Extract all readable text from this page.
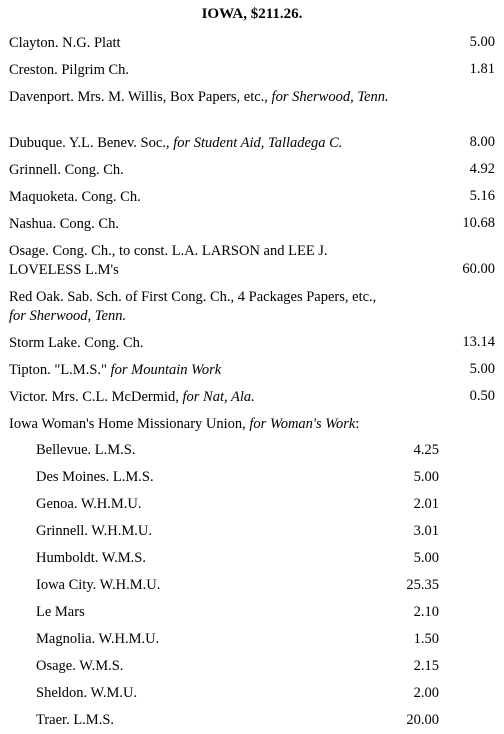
IOWA, $211.26.
Clayton. N.G. Platt	5.00
Creston. Pilgrim Ch.	1.81
Davenport. Mrs. M. Willis, Box Papers, etc., for Sherwood, Tenn.
Dubuque. Y.L. Benev. Soc., for Student Aid, Talladega C.	8.00
Grinnell. Cong. Ch.	4.92
Maquoketa. Cong. Ch.	5.16
Nashua. Cong. Ch.	10.68
Osage. Cong. Ch., to const. L.A. LARSON and LEE J. LOVELESS L.M's	60.00
Red Oak. Sab. Sch. of First Cong. Ch., 4 Packages Papers, etc., for Sherwood, Tenn.
Storm Lake. Cong. Ch.	13.14
Tipton. "L.M.S." for Mountain Work	5.00
Victor. Mrs. C.L. McDermid, for Nat, Ala.	0.50
Iowa Woman's Home Missionary Union, for Woman's Work:
Bellevue. L.M.S.	4.25
Des Moines. L.M.S.	5.00
Genoa. W.H.M.U.	2.01
Grinnell. W.H.M.U.	3.01
Humboldt. W.M.S.	5.00
Iowa City. W.H.M.U.	25.35
Le Mars	2.10
Magnolia. W.H.M.U.	1.50
Osage. W.M.S.	2.15
Sheldon. W.M.U.	2.00
Traer. L.M.S.	20.00
